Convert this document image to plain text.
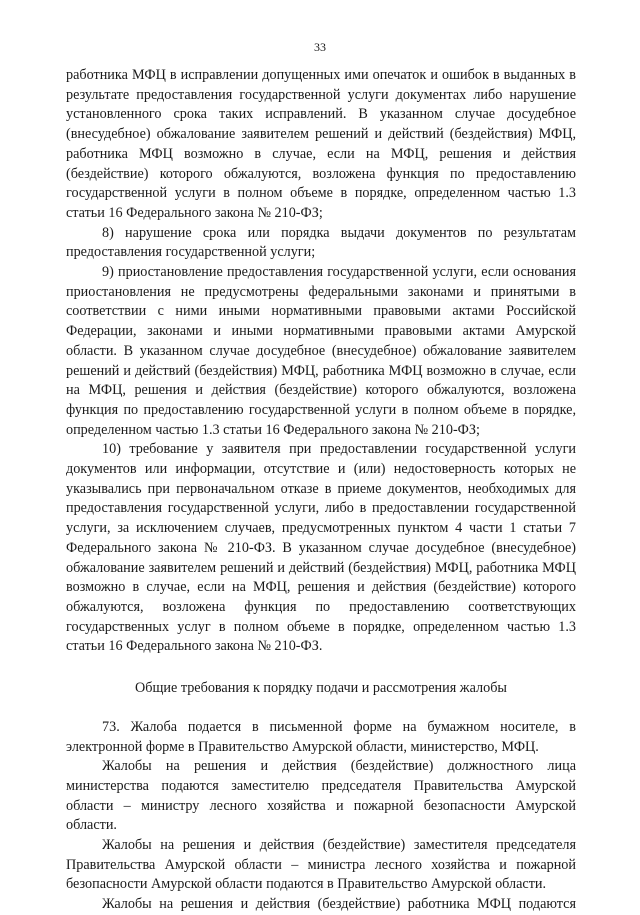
33

работника МФЦ в исправлении допущенных ими опечаток и ошибок в выданных в результате предоставления государственной услуги документах либо нарушение установленного срока таких исправлений. В указанном случае досудебное (внесудебное) обжалование заявителем решений и действий (бездействия) МФЦ, работника МФЦ возможно в случае, если на МФЦ, решения и действия (бездействие) которого обжалуются, возложена функция по предоставлению государственной услуги в полном объеме в порядке, определенном частью 1.3 статьи 16 Федерального закона № 210-ФЗ;

8) нарушение срока или порядка выдачи документов по результатам предоставления государственной услуги;

9) приостановление предоставления государственной услуги, если основания приостановления не предусмотрены федеральными законами и принятыми в соответствии с ними иными нормативными правовыми актами Российской Федерации, законами и иными нормативными правовыми актами Амурской области. В указанном случае досудебное (внесудебное) обжалование заявителем решений и действий (бездействия) МФЦ, работника МФЦ возможно в случае, если на МФЦ, решения и действия (бездействие) которого обжалуются, возложена функция по предоставлению государственной услуги в полном объеме в порядке, определенном частью 1.3 статьи 16 Федерального закона № 210-ФЗ;

10) требование у заявителя при предоставлении государственной услуги документов или информации, отсутствие и (или) недостоверность которых не указывались при первоначальном отказе в приеме документов, необходимых для предоставления государственной услуги, либо в предоставлении государственной услуги, за исключением случаев, предусмотренных пунктом 4 части 1 статьи 7 Федерального закона № 210-ФЗ. В указанном случае досудебное (внесудебное) обжалование заявителем решений и действий (бездействия) МФЦ, работника МФЦ возможно в случае, если на МФЦ, решения и действия (бездействие) которого обжалуются, возложена функция по предоставлению соответствующих государственных услуг в полном объеме в порядке, определенном частью 1.3 статьи 16 Федерального закона № 210-ФЗ.

Общие требования к порядку подачи и рассмотрения жалобы

73. Жалоба подается в письменной форме на бумажном носителе, в электронной форме в Правительство Амурской области, министерство, МФЦ.

Жалобы на решения и действия (бездействие) должностного лица министерства подаются заместителю председателя Правительства Амурской области – министру лесного хозяйства и пожарной безопасности Амурской области.

Жалобы на решения и действия (бездействие) заместителя председателя Правительства Амурской области – министра лесного хозяйства и пожарной безопасности Амурской области подаются в Правительство Амурской области.

Жалобы на решения и действия (бездействие) работника МФЦ подаются
